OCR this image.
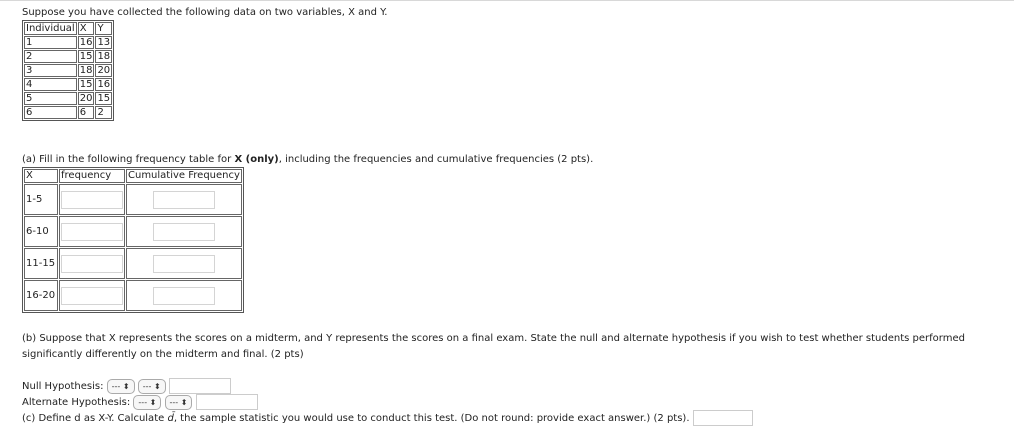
Suppose you have collected the following data on two variables, X and Y.
Individual	X	Y
1	16	13
2	15	18
3	18	20
4	15	16
5	20	15
6	6	2
(a) Fill in the following frequency table for X (only), including the frequencies and cumulative frequencies (2 pts).
X	frequency	Cumulative Frequency
1-5	

6-10	

11-15	

16-20	

(b) Suppose that X represents the scores on a midterm, and Y represents the scores on a final exam. State the null and alternate hypothesis if you wish to test whether students performed
significantly differently on the midterm and final. (2 pts)
Null Hypothesis: --- ⬍ --- ⬍
Alternate Hypothesis: --- ⬍ --- ⬍
(c) Define d as X-Y. Calculate d̄, the sample statistic you would use to conduct this test. (Do not round: provide exact answer.) (2 pts).
